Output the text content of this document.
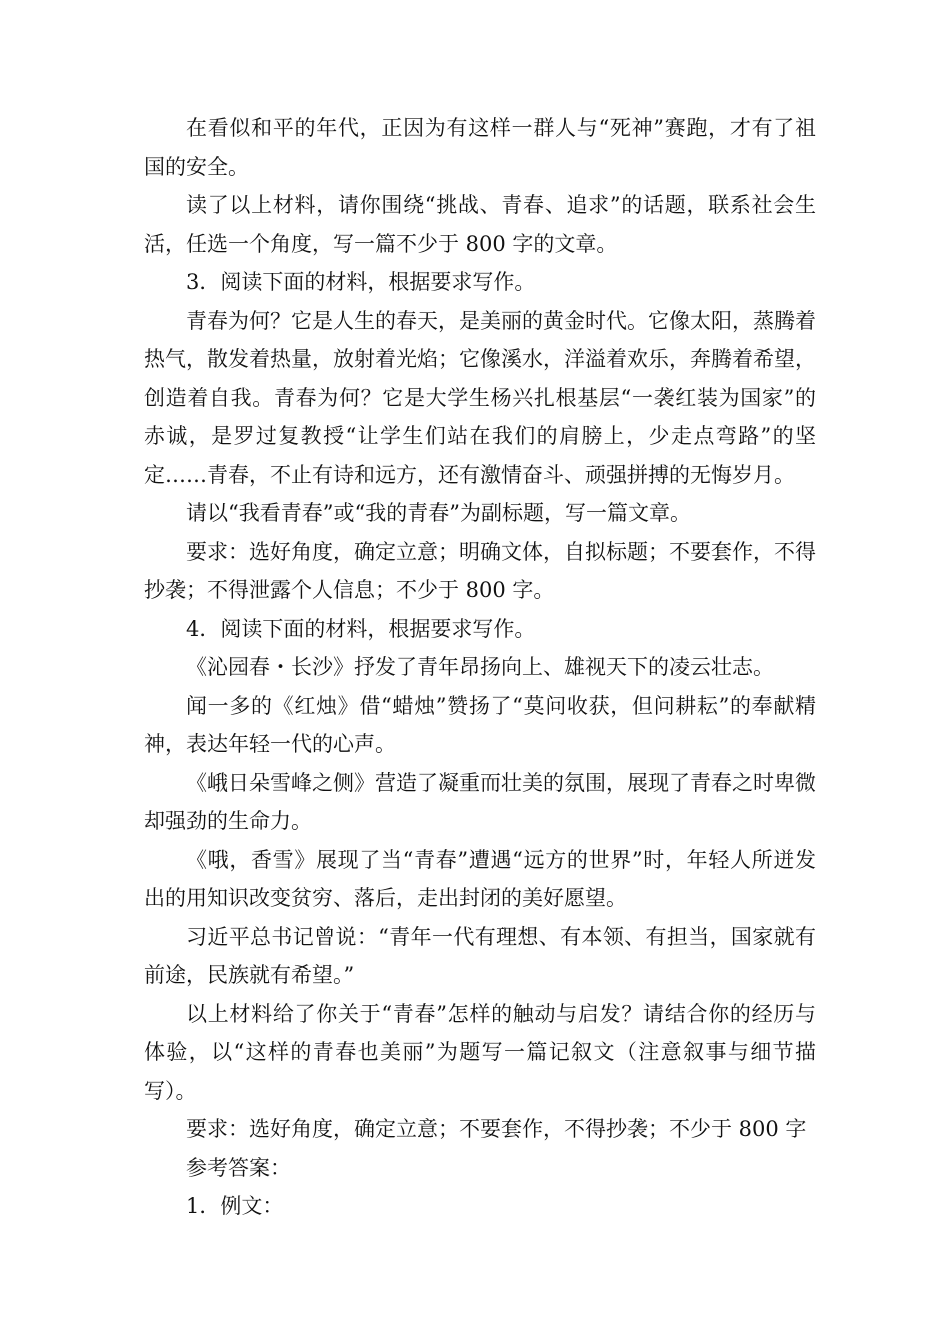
在看似和平的年代，正因为有这样一群人与“死神”赛跑，才有了祖国的安全。

读了以上材料，请你围绕“挑战、青春、追求”的话题，联系社会生活，任选一个角度，写一篇不少于 800 字的文章。

3．阅读下面的材料，根据要求写作。

青春为何？它是人生的春天，是美丽的黄金时代。它像太阳，蒸腾着热气，散发着热量，放射着光焰；它像溪水，洋溢着欢乐，奔腾着希望，创造着自我。青春为何？它是大学生杨兴扎根基层“一袭红装为国家”的赤诚，是罗过复教授“让学生们站在我们的肩膀上，少走点弯路”的坚定……青春，不止有诗和远方，还有激情奋斗、顽强拼搏的无悔岁月。

请以“我看青春”或“我的青春”为副标题，写一篇文章。

要求：选好角度，确定立意；明确文体，自拟标题；不要套作，不得抄袭；不得泄露个人信息；不少于 800 字。

4．阅读下面的材料，根据要求写作。

《沁园春・长沙》抒发了青年昂扬向上、雄视天下的凌云壮志。

闻一多的《红烛》借“蜡烛”赞扬了“莫问收获，但问耕耘”的奉献精神，表达年轻一代的心声。

《峨日朵雪峰之侧》营造了凝重而壮美的氛围，展现了青春之时卑微却强劲的生命力。

《哦，香雪》展现了当“青春”遭遇“远方的世界”时，年轻人所迸发出的用知识改变贫穷、落后，走出封闭的美好愿望。

习近平总书记曾说：“青年一代有理想、有本领、有担当，国家就有前途，民族就有希望。”

以上材料给了你关于“青春”怎样的触动与启发？请结合你的经历与体验，以“这样的青春也美丽”为题写一篇记叙文（注意叙事与细节描写）。

要求：选好角度，确定立意；不要套作，不得抄袭；不少于 800 字

参考答案：

1．例文：
